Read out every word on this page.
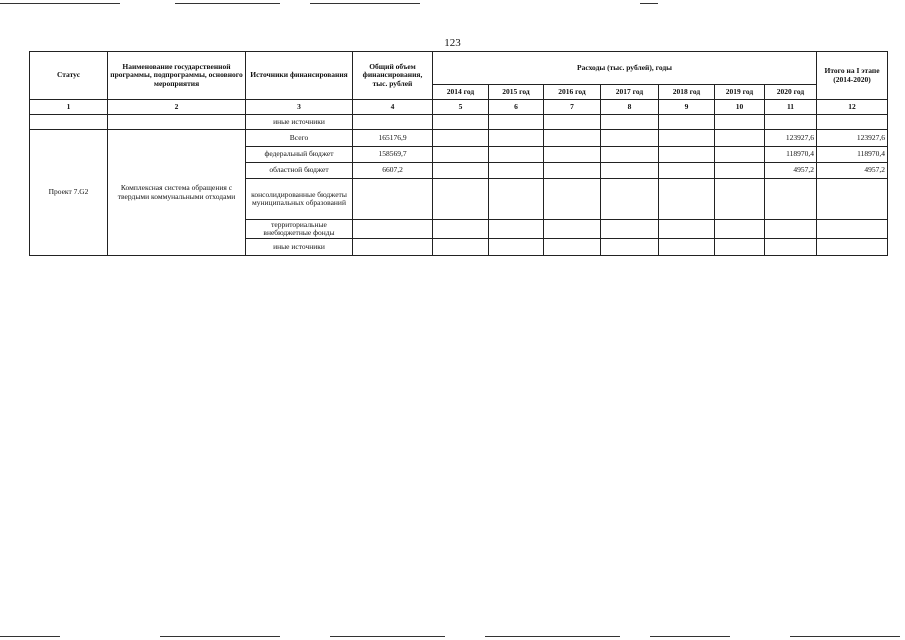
123
Статус	Наименование государственной программы, подпрограммы, основного мероприятия	Источники финансирования	Общий объем финансирования, тыс. рублей	Расходы (тыс. рублей), годы							Итого на I этапе (2014-2020)
				2014 год	2015 год	2016 год	2017 год	2018 год	2019 год	2020 год	
1	2	3	4	5	6	7	8	9	10	11	12
		иные источники									
Проект 7.G2	Комплексная система обращения с твердыми коммунальными отходами	Всего	165176,9							123927,6	123927,6
		федеральный бюджет	158569,7							118970,4	118970,4
		областной бюджет	6607,2							4957,2	4957,2
		консолидированные бюджеты муниципальных образований									
		территориальные внебюджетные фонды									
		иные источники									
